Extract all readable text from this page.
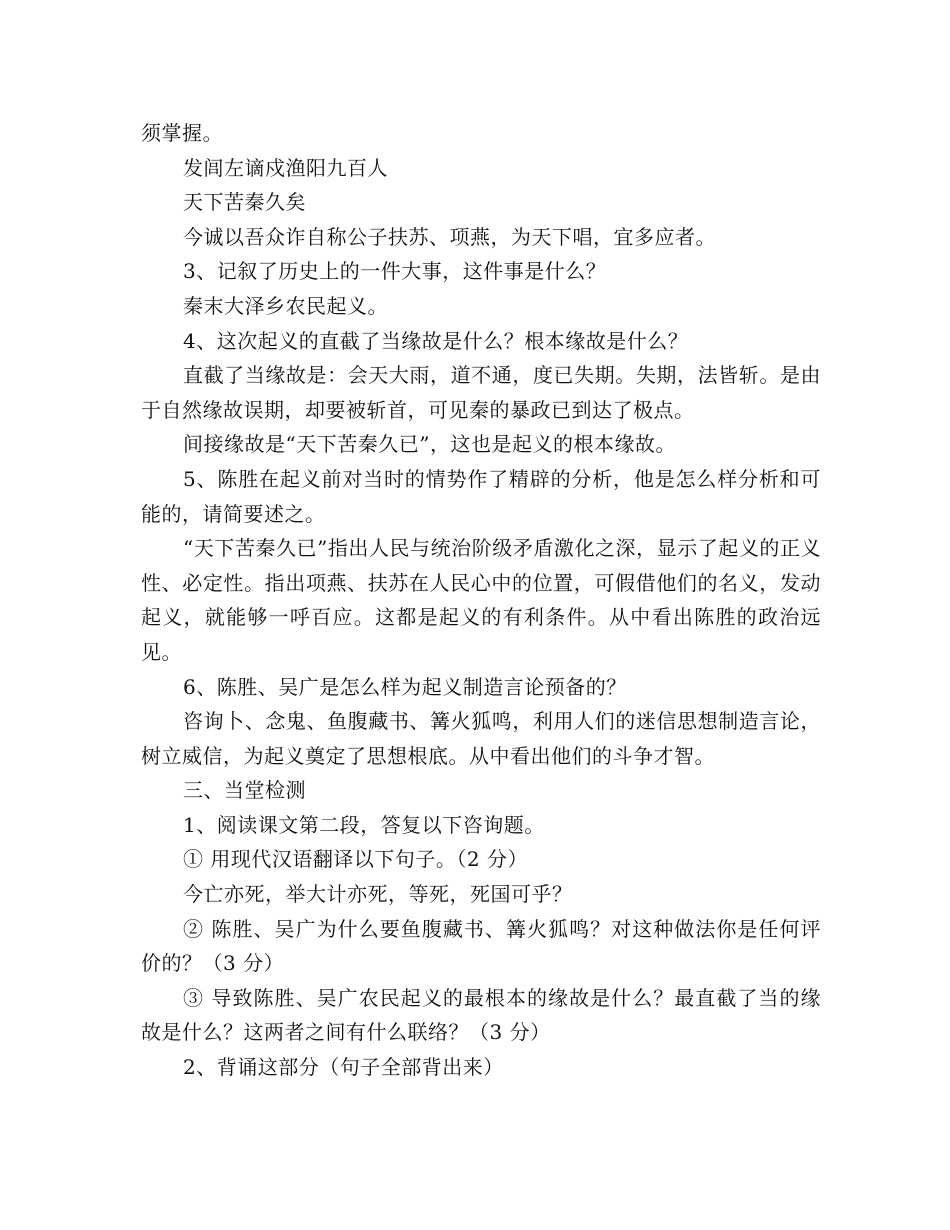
须掌握。

发闾左谪戍渔阳九百人

天下苦秦久矣

今诚以吾众诈自称公子扶苏、项燕，为天下唱，宜多应者。

3、记叙了历史上的一件大事，这件事是什么？

秦末大泽乡农民起义。

4、这次起义的直截了当缘故是什么？根本缘故是什么？

直截了当缘故是：会天大雨，道不通，度已失期。失期，法皆斩。是由于自然缘故误期，却要被斩首，可见秦的暴政已到达了极点。

间接缘故是“天下苦秦久已”，这也是起义的根本缘故。

5、陈胜在起义前对当时的情势作了精辟的分析，他是怎么样分析和可能的，请简要述之。

“天下苦秦久已”指出人民与统治阶级矛盾激化之深，显示了起义的正义性、必定性。指出项燕、扶苏在人民心中的位置，可假借他们的名义，发动起义，就能够一呼百应。这都是起义的有利条件。从中看出陈胜的政治远见。

6、陈胜、吴广是怎么样为起义制造言论预备的？

咨询卜、念鬼、鱼腹藏书、篝火狐鸣，利用人们的迷信思想制造言论，树立威信，为起义奠定了思想根底。从中看出他们的斗争才智。

三、当堂检测

1、阅读课文第二段，答复以下咨询题。

① 用现代汉语翻译以下句子。（2 分）

今亡亦死，举大计亦死，等死，死国可乎？

② 陈胜、吴广为什么要鱼腹藏书、篝火狐鸣？对这种做法你是任何评价的？（3 分）

③ 导致陈胜、吴广农民起义的最根本的缘故是什么？最直截了当的缘故是什么？这两者之间有什么联络？（3 分）

2、背诵这部分（句子全部背出来）
